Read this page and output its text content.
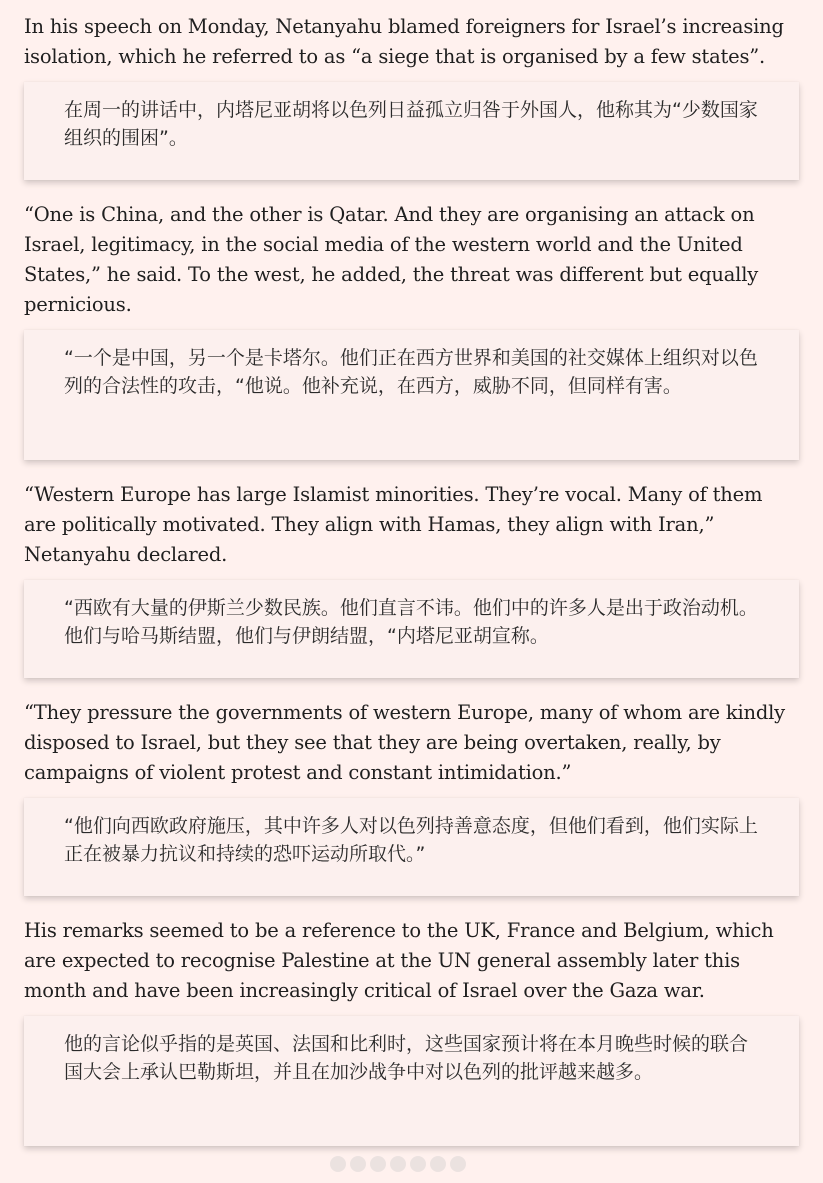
In his speech on Monday, Netanyahu blamed foreigners for Israel’s increasing isolation, which he referred to as “a siege that is organised by a few states”.

在周一的讲话中，内塔尼亚胡将以色列日益孤立归咎于外国人，他称其为“少数国家组织的围困”。

“One is China, and the other is Qatar. And they are organising an attack on Israel, legitimacy, in the social media of the western world and the United States,” he said. To the west, he added, the threat was different but equally pernicious.

“一个是中国，另一个是卡塔尔。他们正在西方世界和美国的社交媒体上组织对以色列的合法性的攻击，“他说。他补充说，在西方，威胁不同，但同样有害。

“Western Europe has large Islamist minorities. They’re vocal. Many of them are politically motivated. They align with Hamas, they align with Iran,” Netanyahu declared.

“西欧有大量的伊斯兰少数民族。他们直言不讳。他们中的许多人是出于政治动机。他们与哈马斯结盟，他们与伊朗结盟，“内塔尼亚胡宣称。

“They pressure the governments of western Europe, many of whom are kindly disposed to Israel, but they see that they are being overtaken, really, by campaigns of violent protest and constant intimidation.”

“他们向西欧政府施压，其中许多人对以色列持善意态度，但他们看到，他们实际上正在被暴力抗议和持续的恐吓运动所取代。”

His remarks seemed to be a reference to the UK, France and Belgium, which are expected to recognise Palestine at the UN general assembly later this month and have been increasingly critical of Israel over the Gaza war.

他的言论似乎指的是英国、法国和比利时，这些国家预计将在本月晚些时候的联合国大会上承认巴勒斯坦，并且在加沙战争中对以色列的批评越来越多。
